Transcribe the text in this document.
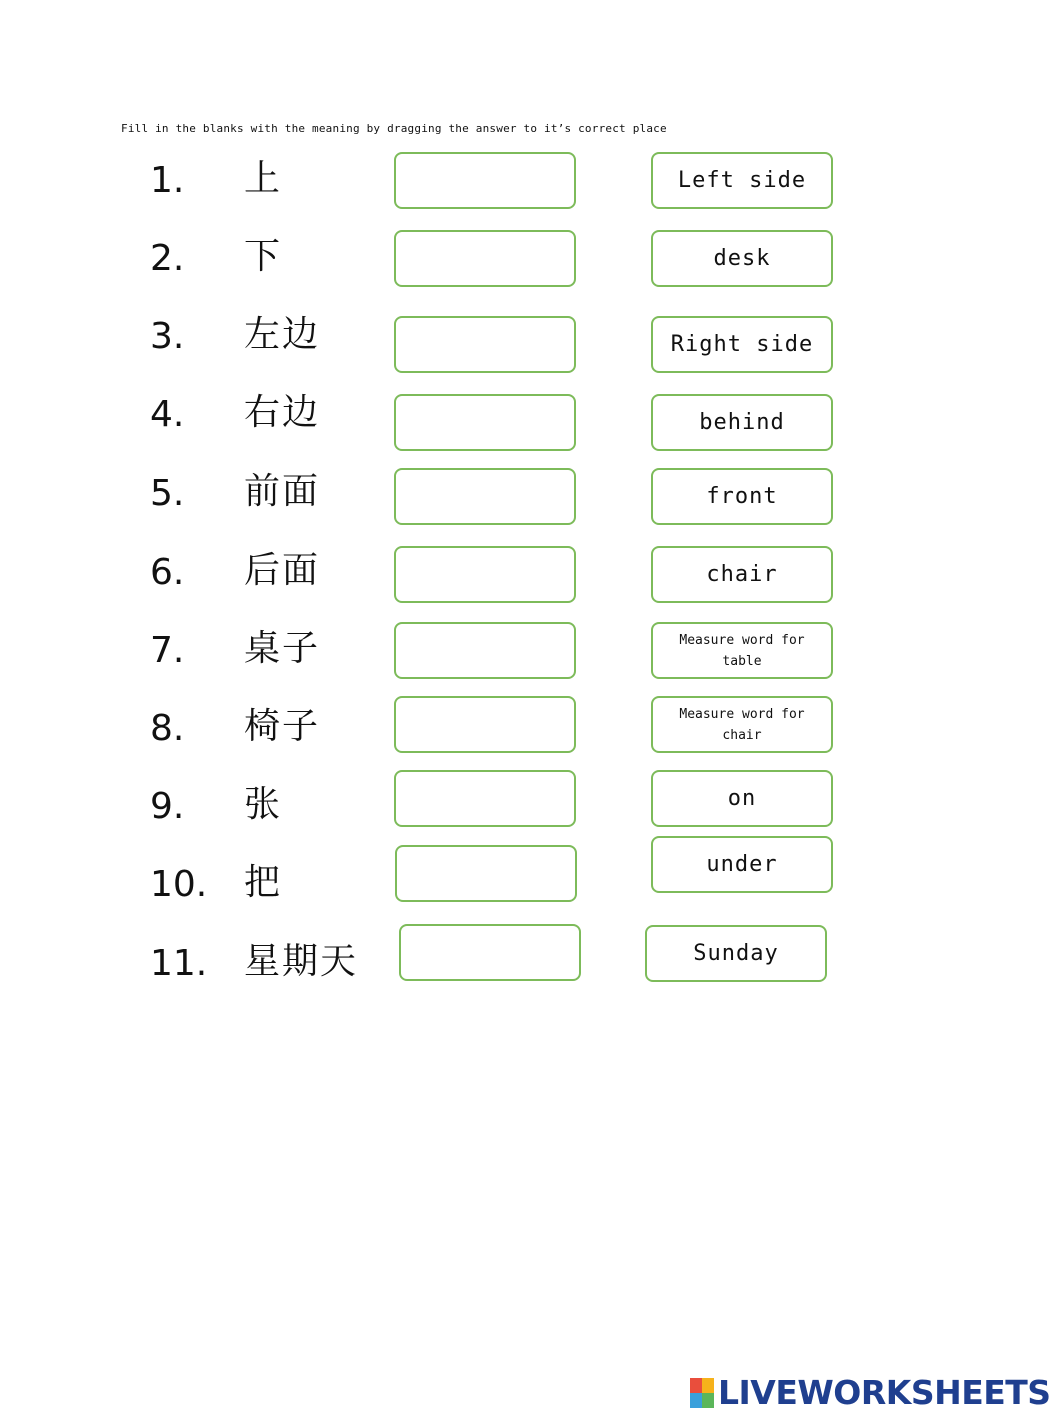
Fill in the blanks with the meaning by dragging the answer to it’s correct place
1.	上	Left side
2.	下	desk
3.	左边	Right side
4.	右边	behind
5.	前面	front
6.	后面	chair
7.	桌子	Measure word for
table
8.	椅子	Measure word for
chair
9.	张	on
10.	把	under
11.	星期天	Sunday
LIVEWORKSHEETS
